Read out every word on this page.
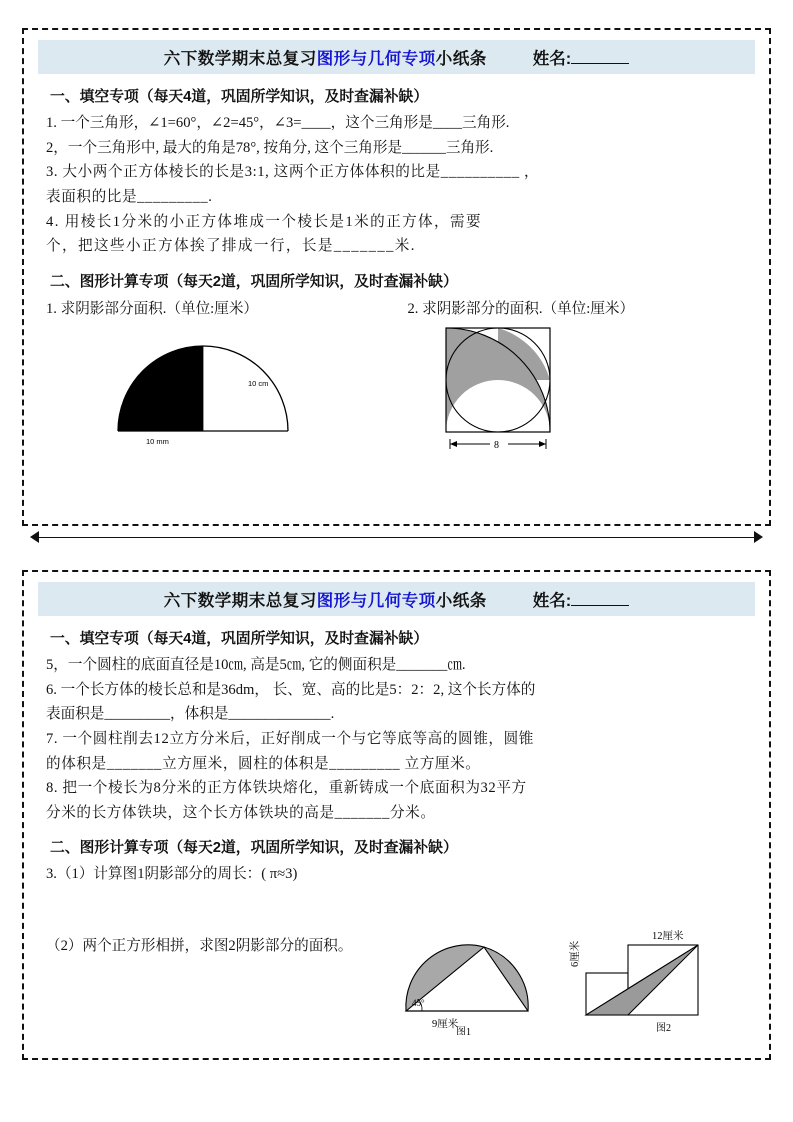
六下数学期末总复习 图形与几何专项 小纸条	姓名:
一、填空专项（每天4道，巩固所学知识，及时查漏补缺）
1. 一个三角形，∠1=60°，∠2=45°，∠3=____，这个三角形是____三角形.
2，一个三角形中, 最大的角是78°, 按角分, 这个三角形是______三角形.
3. 大小两个正方体棱长的长是3:1, 这两个正方体体积的比是__________ ，
表面积的比是_________.
4. 用棱长1分米的小正方体堆成一个棱长是1米的正方体，需要
个，把这些小正方体挨了排成一行，长是_______米.
二、图形计算专项（每天2道，巩固所学知识，及时查漏补缺）
1. 求阴影部分面积.（单位:厘米）	2. 求阴影部分的面积.（单位:厘米）
E(中点)
10 cm
10 mm	8
六下数学期末总复习 图形与几何专项 小纸条	姓名:
一、填空专项（每天4道，巩固所学知识，及时查漏补缺）
5，一个圆柱的底面直径是10㎝, 高是5㎝, 它的侧面积是_______㎝.
6. 一个长方体的棱长总和是36dm， 长、宽、高的比是5：2：2, 这个长方体的
表面积是_________，体积是______________.
7. 一个圆柱削去12立方分米后，正好削成一个与它等底等高的圆锥，圆锥
的体积是_______立方厘米，圆柱的体积是_________ 立方厘米。
8. 把一个棱长为8分米的正方体铁块熔化，重新铸成一个底面积为32平方
分米的长方体铁块，这个长方体铁块的高是_______分米。
二、图形计算专项（每天2道，巩固所学知识，及时查漏补缺）
3.（1）计算图1阴影部分的周长：( π≈3)
（2）两个正方形相拼，求图2阴影部分的面积。
45°
9厘米
图1
6厘米
12厘米
图2
